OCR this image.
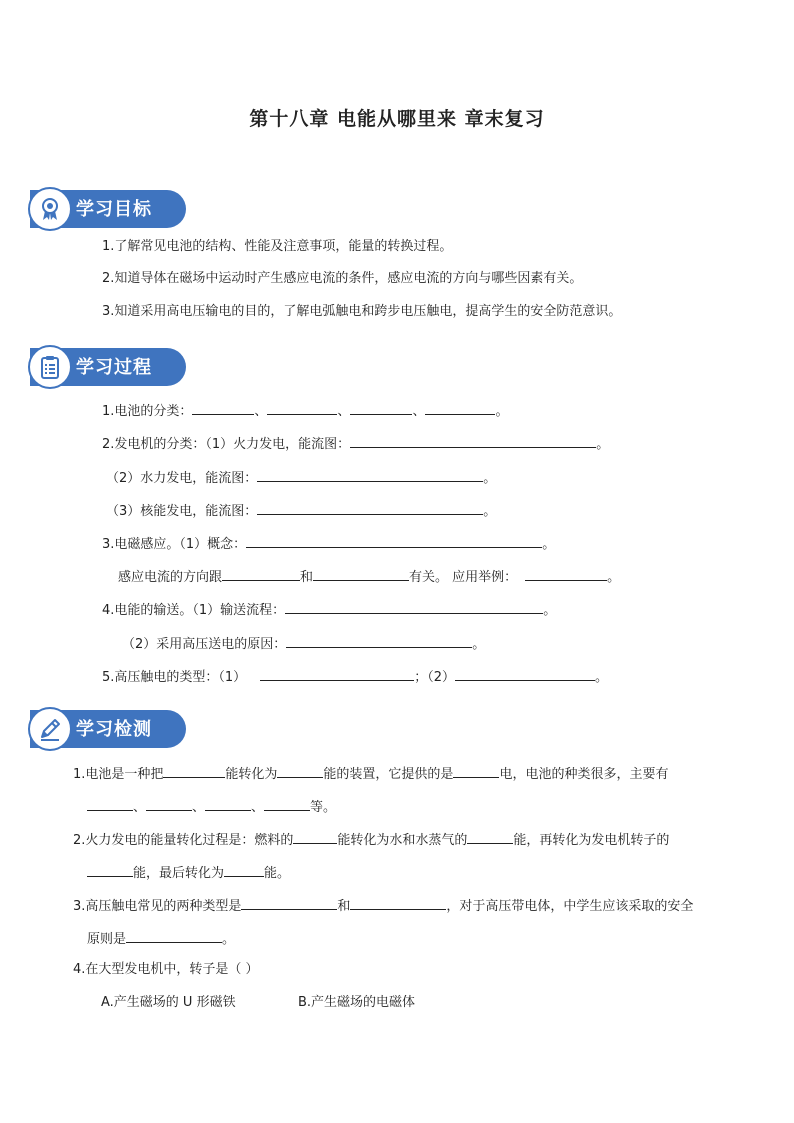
第十八章 电能从哪里来 章末复习
学习目标
1.了解常见电池的结构、性能及注意事项，能量的转换过程。
2.知道导体在磁场中运动时产生感应电流的条件，感应电流的方向与哪些因素有关。
3.知道采用高电压输电的目的，了解电弧触电和跨步电压触电，提高学生的安全防范意识。
学习过程
1.电池的分类：	、	、	、	。
2.发电机的分类：（1）火力发电，能流图：	。
（2）水力发电，能流图：	。
（3）核能发电，能流图：	。
3.电磁感应。（1）概念：	。
感应电流的方向跟	和	有关。 应用举例：	。
4.电能的输送。（1）输送流程：	。
（2）采用高压送电的原因：	。
5.高压触电的类型：（1）	；（2）	。
学习检测
1.电池是一种把	能转化为	能的装置，它提供的是	电，电池的种类很多，主要有
、	、	、	等。
2.火力发电的能量转化过程是：燃料的	能转化为水和水蒸气的	能，再转化为发电机转子的
能，最后转化为	能。
3.高压触电常见的两种类型是	和	，对于高压带电体，中学生应该采取的安全
原则是	。
4.在大型发电机中，转子是（ ）
A.产生磁场的 U 形磁铁	B.产生磁场的电磁体
